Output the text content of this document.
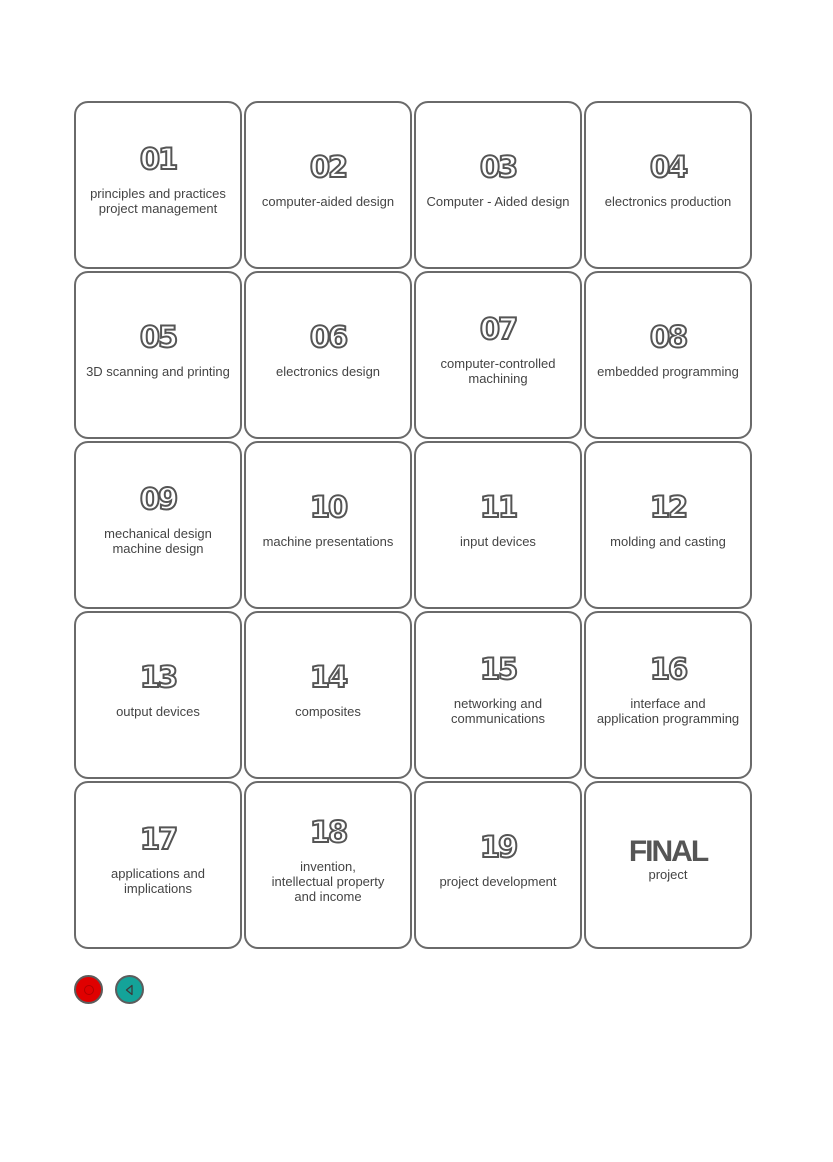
01
principles and practices
project management
02
computer-aided design
03
Computer - Aided design
04
electronics production
05
3D scanning and printing
06
electronics design
07
computer-controlled
machining
08
embedded programming
09
mechanical design
machine design
10
machine presentations
11
input devices
12
molding and casting
13
output devices
14
composites
15
networking and
communications
16
interface and
application programming
17
applications and
implications
18
invention,
intellectual property
and income
19
project development
FINAL
project
